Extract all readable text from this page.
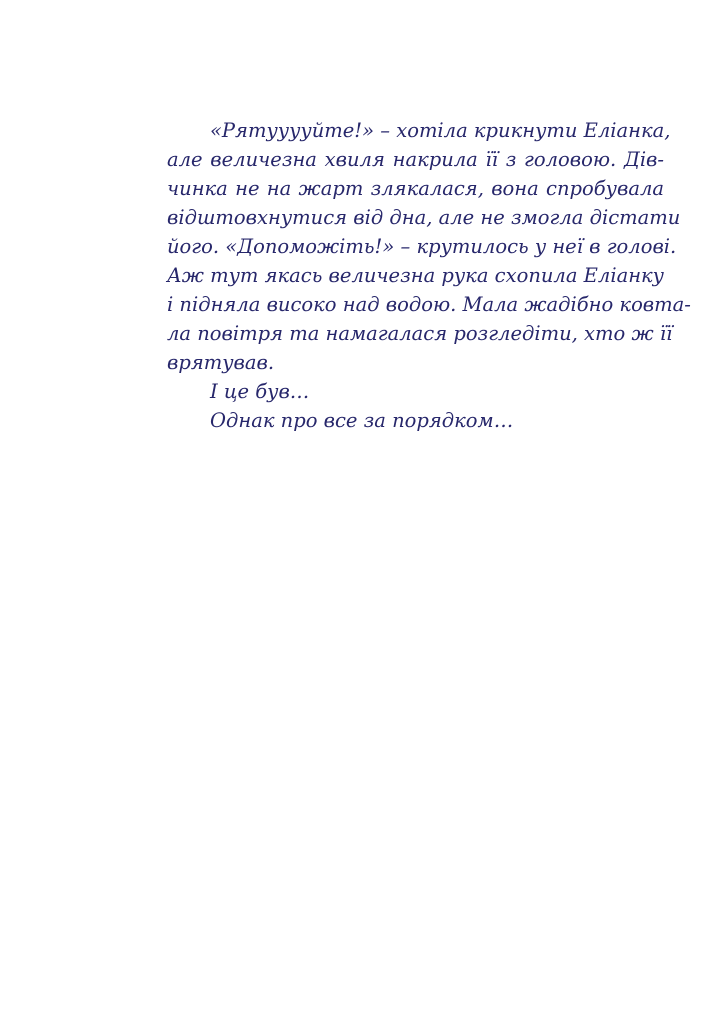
«Рятууууйте!» – хотіла крикнути Еліанка,
але величезна хвиля накрила її з головою. Дів-
чинка не на жарт злякалася, вона спробувала
відштовхнутися від дна, але не змогла дістати
його. «Допоможіть!» – крутилось у неї в голові.
Аж тут якась величезна рука схопила Еліанку
і підняла високо над водою. Мала жадібно ковта-
ла повітря та намагалася розгледіти, хто ж її
врятував.
І це був…
Однак про все за порядком…
